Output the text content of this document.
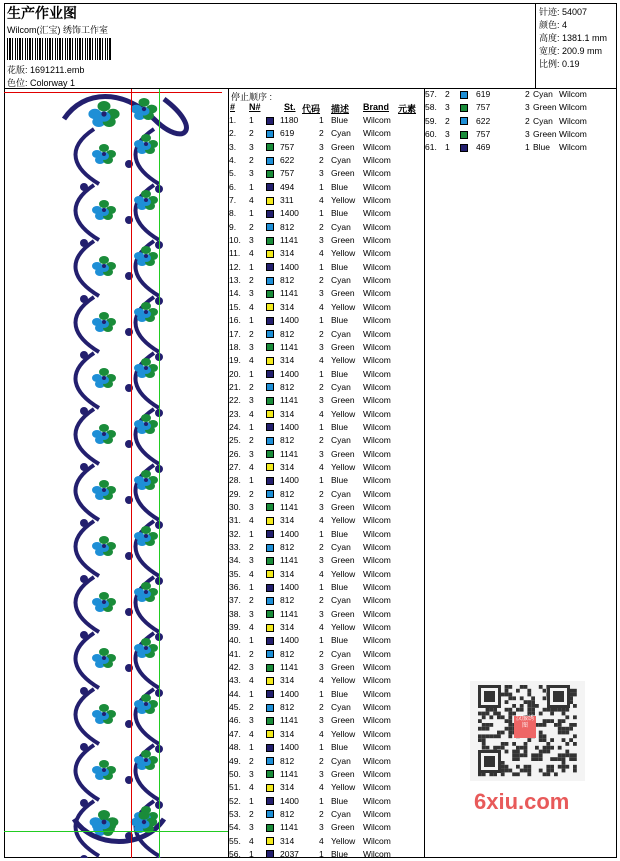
生产作业图
Wilcom(汇宝) 绣饰工作室
花版: 1691211.emb
色位: Colorway 1
针迹: 54007
颜色: 4
高度: 1381.1 mm
宽度: 200.9 mm
比例: 0.19
停止顺序 :
# N#	St. 代码 描述 Brand 元素
1. 1	1180 1 Blue Wilcom
2. 2	619	2 Cyan Wilcom
3. 3	757	3 Green Wilcom
4. 2	622	2 Cyan Wilcom
5. 3	757	3 Green Wilcom
6. 1	494	1 Blue Wilcom
7. 4	311	4 Yellow Wilcom
8. 1	1400 1 Blue Wilcom
9. 2	812	2 Cyan Wilcom
10. 3	1141 3 Green Wilcom
11. 4	314	4 Yellow Wilcom
12. 1	1400 1 Blue Wilcom
13. 2	812	2 Cyan Wilcom
14. 3	1141 3 Green Wilcom
15. 4	314	4 Yellow Wilcom
16. 1	1400 1 Blue Wilcom
17. 2	812	2 Cyan Wilcom
18. 3	1141 3 Green Wilcom
19. 4	314	4 Yellow Wilcom
20. 1	1400 1 Blue Wilcom
21. 2	812	2 Cyan Wilcom
22. 3	1141 3 Green Wilcom
23. 4	314	4 Yellow Wilcom
24. 1	1400 1 Blue Wilcom
25. 2	812	2 Cyan Wilcom
26. 3	1141 3 Green Wilcom
27. 4	314	4 Yellow Wilcom
28. 1	1400 1 Blue Wilcom
29. 2	812	2 Cyan Wilcom
30. 3	1141 3 Green Wilcom
31. 4	314	4 Yellow Wilcom
32. 1	1400 1 Blue Wilcom
33. 2	812	2 Cyan Wilcom
34. 3	1141 3 Green Wilcom
35. 4	314	4 Yellow Wilcom
36. 1	1400 1 Blue Wilcom
37. 2	812	2 Cyan Wilcom
38. 3	1141 3 Green Wilcom
39. 4	314	4 Yellow Wilcom
40. 1	1400 1 Blue Wilcom
41. 2	812	2 Cyan Wilcom
42. 3	1141 3 Green Wilcom
43. 4	314	4 Yellow Wilcom
44. 1	1400 1 Blue Wilcom
45. 2	812	2 Cyan Wilcom
46. 3	1141 3 Green Wilcom
47. 4	314	4 Yellow Wilcom
48. 1	1400 1 Blue Wilcom
49. 2	812	2 Cyan Wilcom
50. 3	1141 3 Green Wilcom
51. 4	314	4 Yellow Wilcom
52. 1	1400 1 Blue Wilcom
53. 2	812	2 Cyan Wilcom
54. 3	1141 3 Green Wilcom
55. 4	314	4 Yellow Wilcom
56. 1	2037 1 Blue Wilcom
57. 2	619	2 Cyan Wilcom
58. 3	757	3 Green Wilcom
59. 2	622	2 Cyan Wilcom
60. 3	757	3 Green Wilcom
61. 1	469	1 Blue Wilcom
汉服绣图
6xiu.com
